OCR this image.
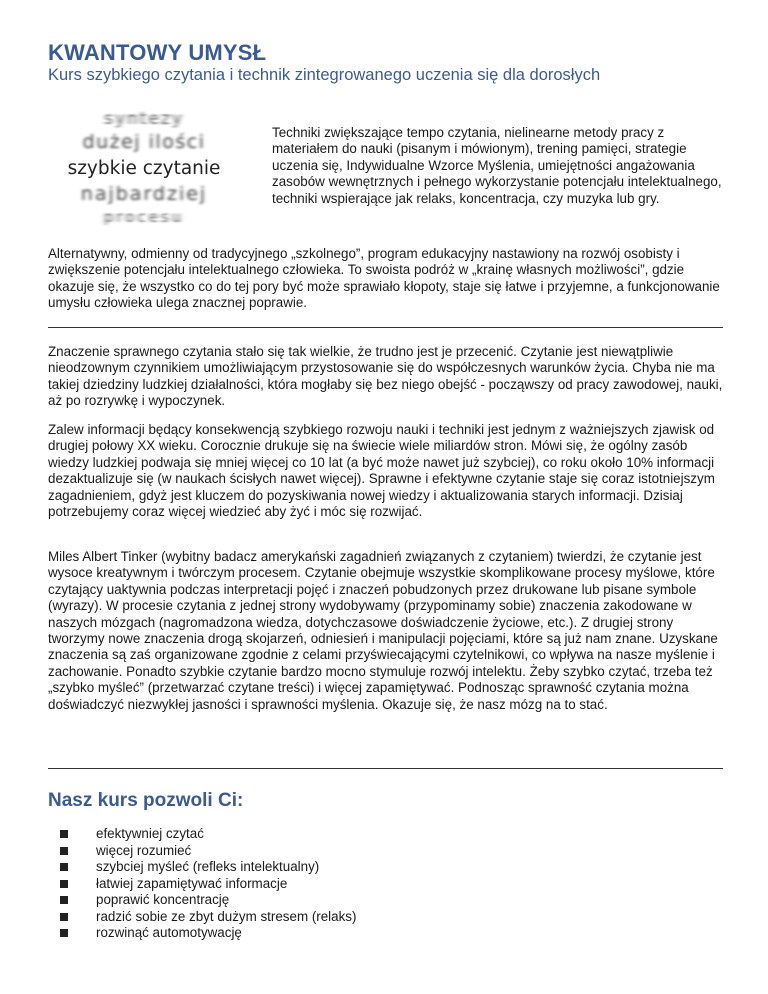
KWANTOWY UMYSŁ
Kurs szybkiego czytania i technik zintegrowanego uczenia się dla dorosłych
syntezy
dużej ilości
szybkie czytanie
najbardziej
procesu
Techniki zwiększające tempo czytania, nielinearne metody pracy z materiałem do nauki (pisanym i mówionym), trening pamięci, strategie uczenia się, Indywidualne Wzorce Myślenia, umiejętności angażowania zasobów wewnętrznych i pełnego wykorzystanie potencjału intelektualnego, techniki wspierające jak relaks, koncentracja, czy muzyka lub gry.

Alternatywny, odmienny od tradycyjnego „szkolnego”, program edukacyjny nastawiony na rozwój osobisty i zwiększenie potencjału intelektualnego człowieka. To swoista podróż w „krainę własnych możliwości”, gdzie okazuje się, że wszystko co do tej pory być może sprawiało kłopoty, staje się łatwe i przyjemne, a funkcjonowanie umysłu człowieka ulega znacznej poprawie.

Znaczenie sprawnego czytania stało się tak wielkie, że trudno jest je przecenić. Czytanie jest niewątpliwie nieodzownym czynnikiem umożliwiającym przystosowanie się do współczesnych warunków życia. Chyba nie ma takiej dziedziny ludzkiej działalności, która mogłaby się bez niego obejść - począwszy od pracy zawodowej, nauki, aż po rozrywkę i wypoczynek.

Zalew informacji będący konsekwencją szybkiego rozwoju nauki i techniki jest jednym z ważniejszych zjawisk od drugiej połowy XX wieku. Corocznie drukuje się na świecie wiele miliardów stron. Mówi się, że ogólny zasób wiedzy ludzkiej podwaja się mniej więcej co 10 lat (a być może nawet już szybciej), co roku około 10% informacji dezaktualizuje się (w naukach ścisłych nawet więcej). Sprawne i efektywne czytanie staje się coraz istotniejszym zagadnieniem, gdyż jest kluczem do pozyskiwania nowej wiedzy i aktualizowania starych informacji. Dzisiaj potrzebujemy coraz więcej wiedzieć aby żyć i móc się rozwijać.

Miles Albert Tinker (wybitny badacz amerykański zagadnień związanych z czytaniem) twierdzi, że czytanie jest wysoce kreatywnym i twórczym procesem. Czytanie obejmuje wszystkie skomplikowane procesy myślowe, które czytający uaktywnia podczas interpretacji pojęć i znaczeń pobudzonych przez drukowane lub pisane symbole (wyrazy). W procesie czytania z jednej strony wydobywamy (przypominamy sobie) znaczenia zakodowane w naszych mózgach (nagromadzona wiedza, dotychczasowe doświadczenie życiowe, etc.). Z drugiej strony tworzymy nowe znaczenia drogą skojarzeń, odniesień i manipulacji pojęciami, które są już nam znane. Uzyskane znaczenia są zaś organizowane zgodnie z celami przyświecającymi czytelnikowi, co wpływa na nasze myślenie i zachowanie. Ponadto szybkie czytanie bardzo mocno stymuluje rozwój intelektu. Żeby szybko czytać, trzeba też „szybko myśleć” (przetwarzać czytane treści) i więcej zapamiętywać. Podnosząc sprawność czytania można doświadczyć niezwykłej jasności i sprawności myślenia. Okazuje się, że nasz mózg na to stać.

Nasz kurs pozwoli Ci:
efektywniej czytać
więcej rozumieć
szybciej myśleć (refleks intelektualny)
łatwiej zapamiętywać informacje
poprawić koncentrację
radzić sobie ze zbyt dużym stresem (relaks)
rozwinąć automotywację
